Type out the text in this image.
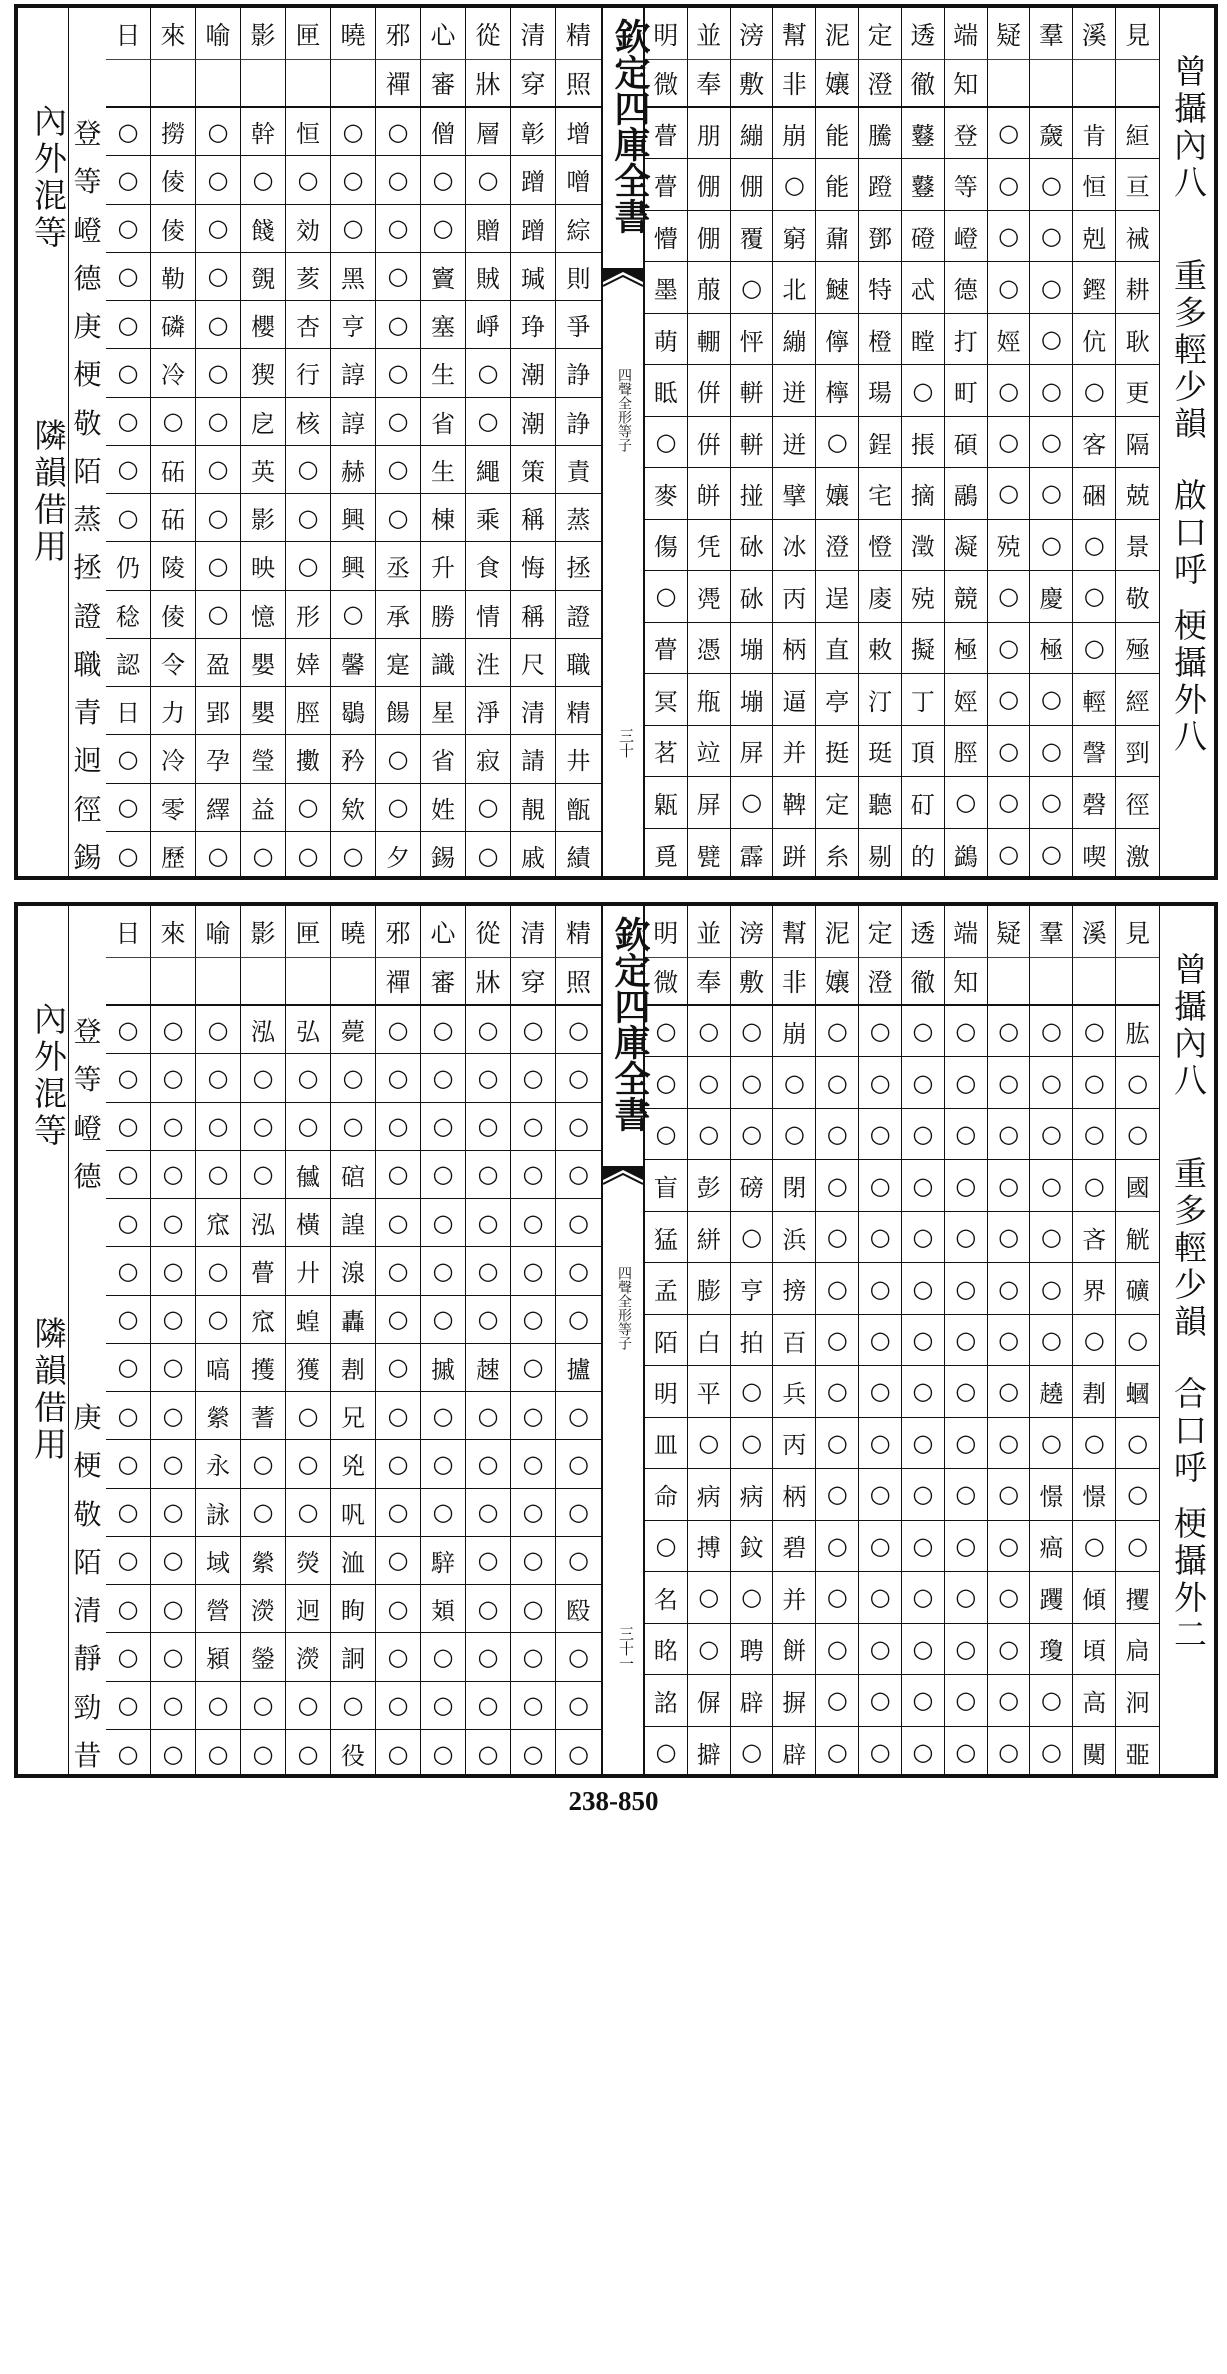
曾攝內八
重多輕少韻
啟口呼
梗攝外八
內外混等
隣韻借用
見
絙
亘
祴
耕
耿
更
隔
兢
景
敬
殛
經
剄
徑
激
溪
肯
恒
剋
鏗
伉
○
客
硱
○
○
○
輕
謦
磬
喫
羣
奯
○
○
○
○
○
○
○
○
慶
極
○
○
○
○
疑
○
○
○
○
娙
○
○
○
殑
○
○
○
○
○
○
端
知
登
等
嶝
德
打
町
碩
鷊
凝
競
極
娙
脛
○
鷁
透
徹
鼟
鼟
磴
忒
瞠
○
掁
摘
澂
殑
擬
丁
頂
矴
的
定
澄
騰
蹬
鄧
特
橙
瑒
鋥
宅
憕
庱
敕
汀
珽
聽
剔
泥
孃
能
能
鼐
䲇
儜
檸
○
孃
澄
逞
直
亭
挺
定
糸
幫
非
崩
○
窮
北
繃
迸
迸
擘
冰
丙
柄
逼
并
鞞
跰
滂
敷
繃
倗
覆
○
怦
軿
軿
掽
砅
砅
塴
塴
屏
○
霹
並
奉
朋
倗
倗
菔
輣
倂
倂
皏
凭
凴
憑
甁
竝
屏
甓
明
微
瞢
瞢
懵
墨
萌
眡
○
麥
傷
○
瞢
冥
茗
甈
覓
欽定四庫全書
四聲全形等子
三十
精
照
增
噌
綜
則
爭
諍
諍
責
蒸
拯
證
職
精
井
甑
績
清
穿
彰
蹭
蹭
瑊
琤
潮
潮
策
稱
悔
稱
尺
清
請
靚
戚
從
牀
層
○
贈
賊
崢
○
○
繩
乘
食
情
泩
淨
寂
○
○
心
審
僧
○
○
竇
塞
生
省
生
棟
升
勝
識
星
省
姓
錫
邪
禪
○
○
○
○
○
○
○
○
○
丞
承
寔
餳
○
○
夕
曉
○
○
○
黑
亨
諄
諄
赫
興
興
○
馨
鶡
矜
欸
○
匣
恒
○
効
荄
杏
行
核
○
○
○
形
婞
脛
擻
○
○
影
幹
○
餞
覴
櫻
猰
戹
英
影
映
憶
嬰
嬰
瑩
益
○
喻
○
○
○
○
○
○
○
○
○
○
○
盈
郢
孕
繹
○
來
撈
倰
倰
勒
磷
冷
○
砳
砳
陵
倰
令
力
冷
零
歷
日
○
○
○
○
○
○
○
○
○
仍
稔
認
日
○
○
○
登
等
嶝
德
庚
梗
敬
陌
蒸
拯
證
職
青
迥
徑
錫
曾攝內八
重多輕少韻
合口呼
梗攝外二
內外混等
隣韻借用
見
肱
○
○
國
觥
礦
○
蟈
○
○
○
攫
扃
泂
臦
溪
○
○
○
○
吝
界
○
剨
○
憬
○
傾
頃
高
闃
羣
○
○
○
○
○
○
○
趬
○
憬
瘑
躩
瓊
○
○
疑
○
○
○
○
○
○
○
○
○
○
○
○
○
○
○
端
知
○
○
○
○
○
○
○
○
○
○
○
○
○
○
○
透
徹
○
○
○
○
○
○
○
○
○
○
○
○
○
○
○
定
澄
○
○
○
○
○
○
○
○
○
○
○
○
○
○
○
泥
孃
○
○
○
○
○
○
○
○
○
○
○
○
○
○
○
幫
非
崩
○
○
閉
浜
搒
百
兵
丙
柄
碧
并
餅
摒
辟
滂
敷
○
○
○
磅
○
亨
拍
○
○
病
鈫
○
聘
辟
○
並
奉
○
○
○
彭
絣
膨
白
平
○
病
搏
○
○
偋
擗
明
微
○
○
○
盲
猛
孟
陌
明
皿
命
○
名
眳
詺
○
欽定四庫全書
四聲全形等子
三十一
精
照
○
○
○
○
○
○
○
攎
○
○
○
○
殹
○
○
○
清
穿
○
○
○
○
○
○
○
○
○
○
○
○
○
○
○
○
從
牀
○
○
○
○
○
○
○
趚
○
○
○
○
○
○
○
○
心
審
○
○
○
○
○
○
○
摵
○
○
○
騂
頍
○
○
○
邪
禪
○
○
○
○
○
○
○
○
○
○
○
○
○
○
○
○
曉
薨
○
○
䃔
諻
湶
轟
剨
兄
兇
㕨
洫
眴
詗
○
役
匣
弘
○
○
㦽
橫
廾
蝗
獲
○
○
○
熒
迥
濙
○
○
影
泓
○
○
○
泓
瞢
窊
擭
蓍
○
○
縈
濙
鎣
○
○
喻
○
○
○
○
窊
○
○
嗃
縈
永
詠
域
營
潁
○
○
來
○
○
○
○
○
○
○
○
○
○
○
○
○
○
○
○
日
○
○
○
○
○
○
○
○
○
○
○
○
○
○
○
○
登
等
嶝
德
庚
梗
敬
陌
清
靜
勁
昔
238-850
